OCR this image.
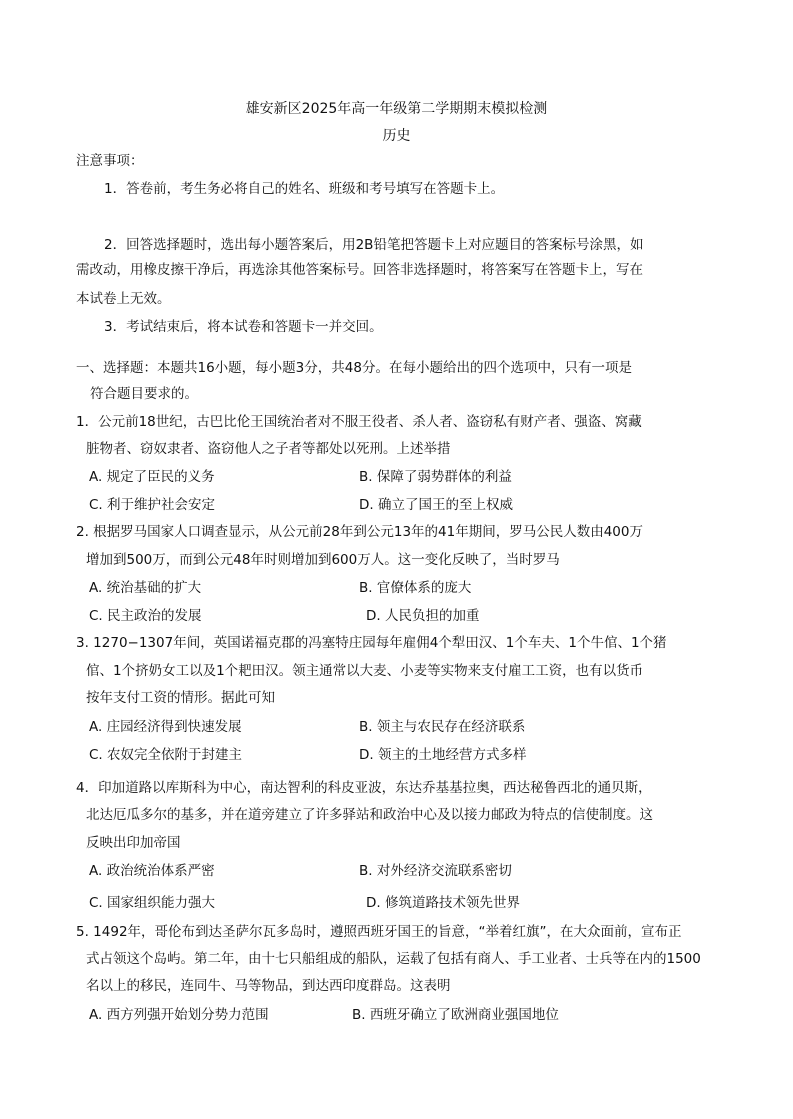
雄安新区2025年高一年级第二学期期末模拟检测
历史
注意事项：
1．答卷前，考生务必将自己的姓名、班级和考号填写在答题卡上。
2．回答选择题时，选出每小题答案后，用2B铅笔把答题卡上对应题目的答案标号涂黑，如
需改动，用橡皮擦干净后，再选涂其他答案标号。回答非选择题时，将答案写在答题卡上，写在
本试卷上无效。
3．考试结束后，将本试卷和答题卡一并交回。
一、选择题：本题共16小题，每小题3分，共48分。在每小题给出的四个选项中，只有一项是
符合题目要求的。
1．公元前18世纪，古巴比伦王国统治者对不服王役者、杀人者、盗窃私有财产者、强盗、窝藏
脏物者、窃奴隶者、盗窃他人之子者等都处以死刑。上述举措
A. 规定了臣民的义务	B. 保障了弱势群体的利益
C. 利于维护社会安定	D. 确立了国王的至上权威
2. 根据罗马国家人口调查显示，从公元前28年到公元13年的41年期间，罗马公民人数由400万
增加到500万，而到公元48年时则增加到600万人。这一变化反映了，当时罗马
A. 统治基础的扩大	B. 官僚体系的庞大
C. 民主政治的发展	D. 人民负担的加重
3. 1270−1307年间，英国诺福克郡的冯塞特庄园每年雇佣4个犁田汉、1个车夫、1个牛倌、1个猪
倌、1个挤奶女工以及1个耙田汉。领主通常以大麦、小麦等实物来支付雇工工资，也有以货币
按年支付工资的情形。据此可知
A. 庄园经济得到快速发展	B. 领主与农民存在经济联系
C. 农奴完全依附于封建主	D. 领主的土地经营方式多样
4．印加道路以库斯科为中心，南达智利的科皮亚波，东达乔基基拉奥，西达秘鲁西北的通贝斯，
北达厄瓜多尔的基多，并在道旁建立了许多驿站和政治中心及以接力邮政为特点的信使制度。这
反映出印加帝国
A. 政治统治体系严密	B. 对外经济交流联系密切
C. 国家组织能力强大	D. 修筑道路技术领先世界
5. 1492年，哥伦布到达圣萨尔瓦多岛时，遵照西班牙国王的旨意，“举着红旗”，在大众面前，宣布正
式占领这个岛屿。第二年，由十七只船组成的船队，运载了包括有商人、手工业者、士兵等在内的1500
名以上的移民，连同牛、马等物品，到达西印度群岛。这表明
A. 西方列强开始划分势力范围	B. 西班牙确立了欧洲商业强国地位
